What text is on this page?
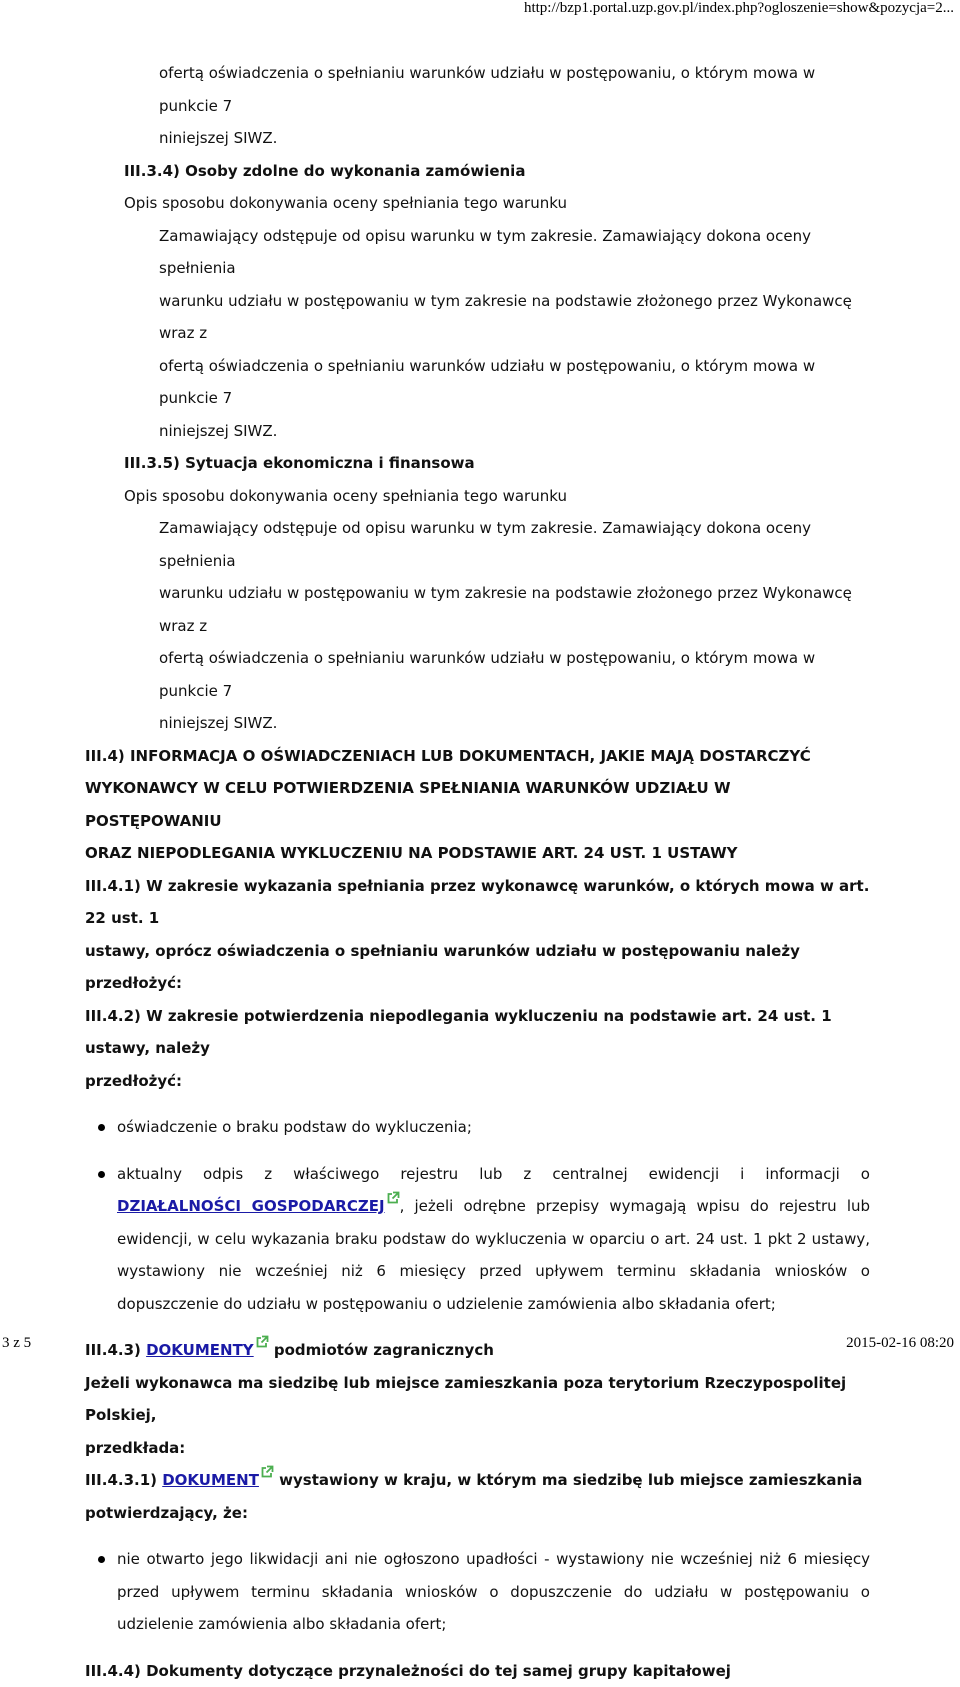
http://bzp1.portal.uzp.gov.pl/index.php?ogloszenie=show&pozycja=2...
ofertą oświadczenia o spełnianiu warunków udziału w postępowaniu, o którym mowa w punkcie 7
niniejszej SIWZ.
III.3.4) Osoby zdolne do wykonania zamówienia
Opis sposobu dokonywania oceny spełniania tego warunku
Zamawiający odstępuje od opisu warunku w tym zakresie. Zamawiający dokona oceny spełnienia
warunku udziału w postępowaniu w tym zakresie na podstawie złożonego przez Wykonawcę wraz z
ofertą oświadczenia o spełnianiu warunków udziału w postępowaniu, o którym mowa w punkcie 7
niniejszej SIWZ.
III.3.5) Sytuacja ekonomiczna i finansowa
Opis sposobu dokonywania oceny spełniania tego warunku
Zamawiający odstępuje od opisu warunku w tym zakresie. Zamawiający dokona oceny spełnienia
warunku udziału w postępowaniu w tym zakresie na podstawie złożonego przez Wykonawcę wraz z
ofertą oświadczenia o spełnianiu warunków udziału w postępowaniu, o którym mowa w punkcie 7
niniejszej SIWZ.
III.4) INFORMACJA O OŚWIADCZENIACH LUB DOKUMENTACH, JAKIE MAJĄ DOSTARCZYĆ
WYKONAWCY W CELU POTWIERDZENIA SPEŁNIANIA WARUNKÓW UDZIAŁU W POSTĘPOWANIU
ORAZ NIEPODLEGANIA WYKLUCZENIU NA PODSTAWIE ART. 24 UST. 1 USTAWY
III.4.1) W zakresie wykazania spełniania przez wykonawcę warunków, o których mowa w art. 22 ust. 1
ustawy, oprócz oświadczenia o spełnianiu warunków udziału w postępowaniu należy przedłożyć:
III.4.2) W zakresie potwierdzenia niepodlegania wykluczeniu na podstawie art. 24 ust. 1 ustawy, należy
przedłożyć:
oświadczenie o braku podstaw do wykluczenia;
aktualny odpis z właściwego rejestru lub z centralnej ewidencji i informacji o
DZIAŁALNOŚCI GOSPODARCZEJ , jeżeli odrębne przepisy wymagają wpisu do rejestru lub ewidencji, w celu wykazania braku podstaw do wykluczenia w oparciu o art. 24 ust. 1 pkt 2 ustawy, wystawiony nie wcześniej niż 6 miesięcy przed upływem terminu składania wniosków o dopuszczenie do udziału w postępowaniu o udzielenie zamówienia albo składania ofert;
III.4.3) DOKUMENTY
podmiotów zagranicznych
Jeżeli wykonawca ma siedzibę lub miejsce zamieszkania poza terytorium Rzeczypospolitej Polskiej,
przedkłada:
III.4.3.1) DOKUMENT
wystawiony w kraju, w którym ma siedzibę lub miejsce zamieszkania
potwierdzający, że:
nie otwarto jego likwidacji ani nie ogłoszono upadłości - wystawiony nie wcześniej niż 6 miesięcy przed upływem terminu składania wniosków o dopuszczenie do udziału w postępowaniu o udzielenie zamówienia albo składania ofert;
III.4.4) Dokumenty dotyczące przynależności do tej samej grupy kapitałowej
3 z 5	2015-02-16 08:20
